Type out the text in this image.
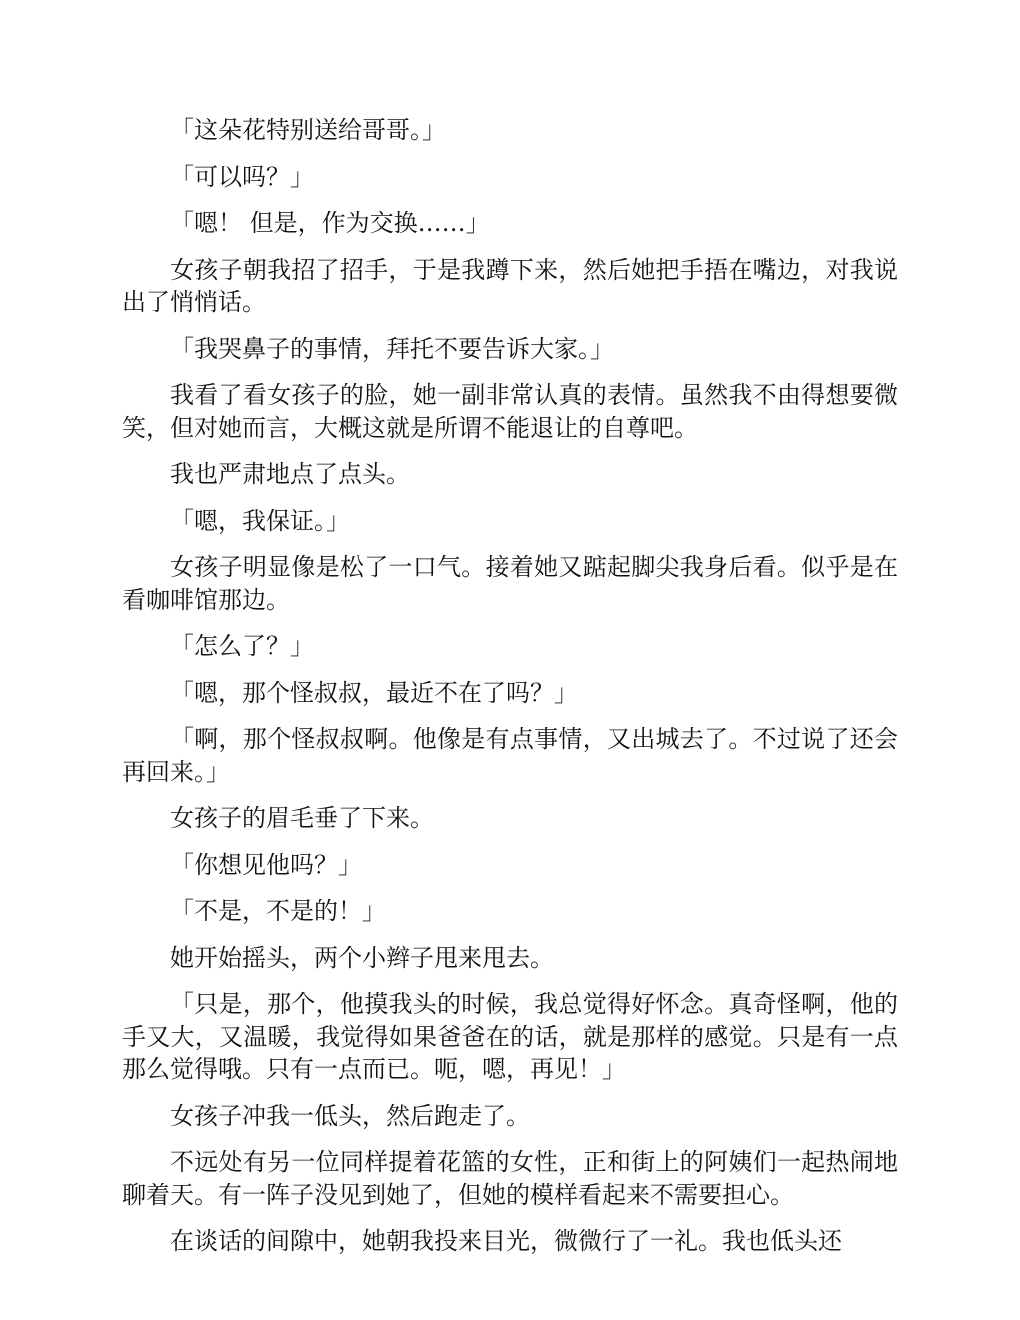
「这朵花特别送给哥哥。」

「可以吗？」

「嗯！ 但是，作为交换……」

女孩子朝我招了招手，于是我蹲下来，然后她把手捂在嘴边，对我说出了悄悄话。

「我哭鼻子的事情，拜托不要告诉大家。」

我看了看女孩子的脸，她一副非常认真的表情。虽然我不由得想要微笑，但对她而言，大概这就是所谓不能退让的自尊吧。

我也严肃地点了点头。

「嗯，我保证。」

女孩子明显像是松了一口气。接着她又踮起脚尖我身后看。似乎是在看咖啡馆那边。

「怎么了？」

「嗯，那个怪叔叔，最近不在了吗？」

「啊，那个怪叔叔啊。他像是有点事情，又出城去了。不过说了还会再回来。」

女孩子的眉毛垂了下来。

「你想见他吗？」

「不是，不是的！」

她开始摇头，两个小辫子甩来甩去。

「只是，那个，他摸我头的时候，我总觉得好怀念。真奇怪啊，他的手又大，又温暖，我觉得如果爸爸在的话，就是那样的感觉。只是有一点那么觉得哦。只有一点而已。呃，嗯，再见！」

女孩子冲我一低头，然后跑走了。

不远处有另一位同样提着花篮的女性，正和街上的阿姨们一起热闹地聊着天。有一阵子没见到她了，但她的模样看起来不需要担心。

在谈话的间隙中，她朝我投来目光，微微行了一礼。我也低头还
